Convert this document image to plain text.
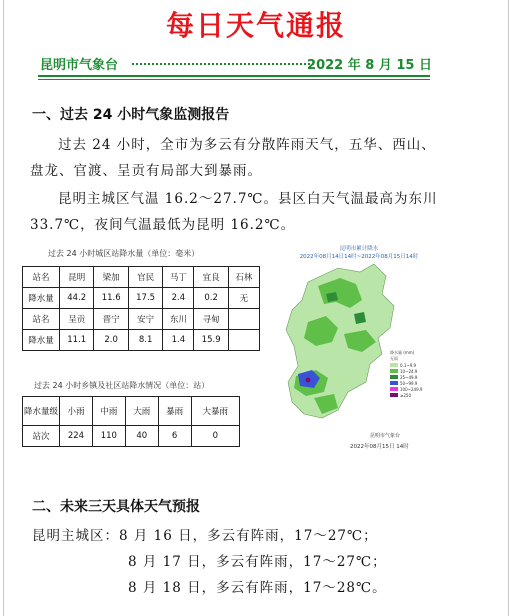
每日天气通报
昆明市气象台	2022 年 8 月 15 日
一、过去 24 小时气象监测报告
过去 24 小时，全市为多云有分散阵雨天气，五华、西山、盘龙、官渡、呈贡有局部大到暴雨。
昆明主城区气温 16.2～27.7℃。县区白天气温最高为东川 33.7℃，夜间气温最低为昆明 16.2℃。
过去 24 小时城区站降水量（单位：毫米）
站名	昆明	梁加	官民	马丁	宜良	石林
降水量	44.2	11.6	17.5	2.4	0.2	无
站名	呈贡	晋宁	安宁	东川	寻甸	
降水量	11.1	2.0	8.1	1.4	15.9	
过去 24 小时乡镇及社区站降水情况（单位：站）
降水量级	小雨	中雨	大雨	暴雨	大暴雨
站次	224	110	40	6	0
昆明市累计降水
2022年08月14日14时~2022年08月15日14时
降水量 (mm)
无雨
0.1~9.9
10~24.9
25~49.9
50~99.9
100~249.9
≥250
昆明市气象台
2022年08月15日 14时
二、未来三天具体天气预报
昆明主城区：8 月 16 日，多云有阵雨，17～27℃；
8 月 17 日，多云有阵雨，17～27℃；
8 月 18 日，多云有阵雨，17～28℃。
